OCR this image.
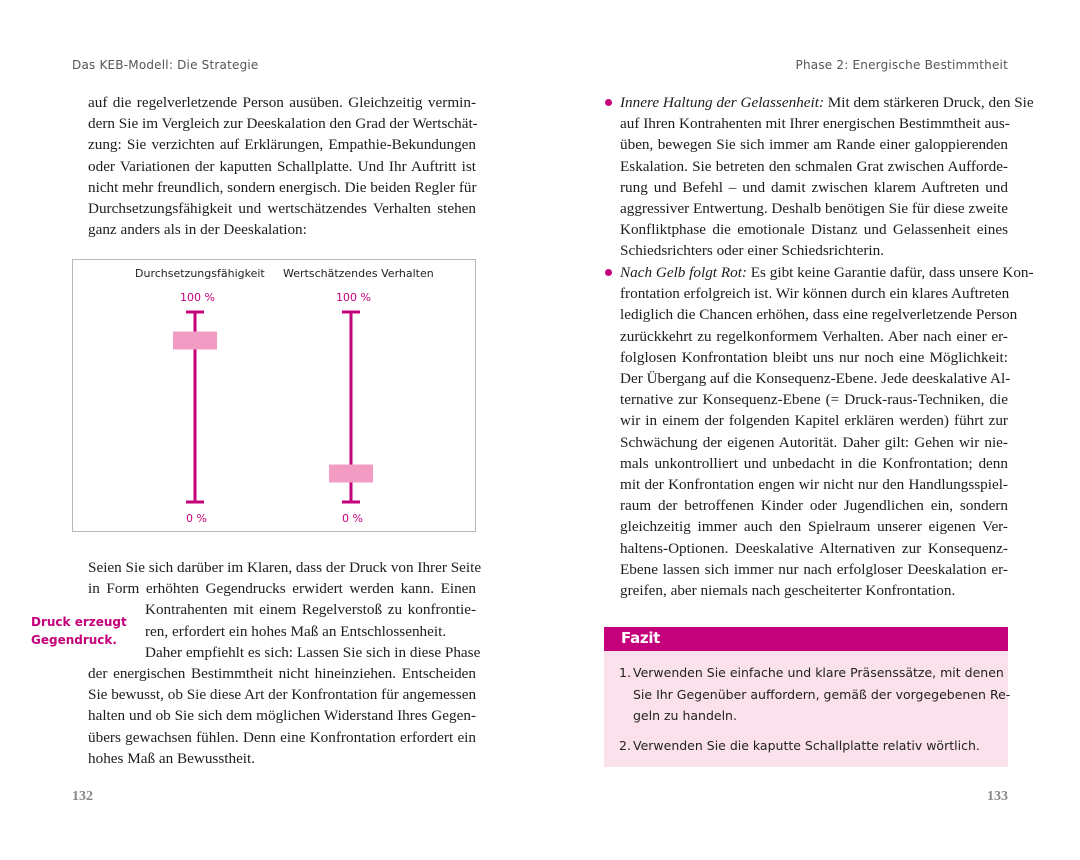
Das KEB-Modell: Die Strategie	Phase 2: Energische Bestimmtheit
auf die regelverletzende Person ausüben. Gleichzeitig vermin-
dern Sie im Vergleich zur Deeskalation den Grad der Wertschät-
zung: Sie verzichten auf Erklärungen, Empathie-Bekundungen
oder Variationen der kaputten Schallplatte. Und Ihr Auftritt ist
nicht mehr freundlich, sondern energisch. Die beiden Regler für
Durchsetzungsfähigkeit und wertschätzendes Verhalten stehen
ganz anders als in der Deeskalation:
Durchsetzungsfähigkeit Wertschätzendes Verhalten
100 %	100 %
0 %	0 %
Seien Sie sich darüber im Klaren, dass der Druck von Ihrer Seite
in Form erhöhten Gegendrucks erwidert werden kann. Einen
Kontrahenten mit einem Regelverstoß zu konfrontie-
ren, erfordert ein hohes Maß an Entschlossenheit.
Daher empfiehlt es sich: Lassen Sie sich in diese Phase
der energischen Bestimmtheit nicht hineinziehen. Entscheiden
Sie bewusst, ob Sie diese Art der Konfrontation für angemessen
halten und ob Sie sich dem möglichen Widerstand Ihres Gegen-
übers gewachsen fühlen. Denn eine Konfrontation erfordert ein
hohes Maß an Bewusstheit.
Druck erzeugt
Gegendruck.
Innere Haltung der Gelassenheit: Mit dem stärkeren Druck, den Sie
auf Ihren Kontrahenten mit Ihrer energischen Bestimmtheit aus-
üben, bewegen Sie sich immer am Rande einer galoppierenden
Eskalation. Sie betreten den schmalen Grat zwischen Aufforde-
rung und Befehl – und damit zwischen klarem Auftreten und
aggressiver Entwertung. Deshalb benötigen Sie für diese zweite
Konfliktphase die emotionale Distanz und Gelassenheit eines
Schiedsrichters oder einer Schiedsrichterin.
Nach Gelb folgt Rot: Es gibt keine Garantie dafür, dass unsere Kon-
frontation erfolgreich ist. Wir können durch ein klares Auftreten
lediglich die Chancen erhöhen, dass eine regelverletzende Person
zurückkehrt zu regelkonformem Verhalten. Aber nach einer er-
folglosen Konfrontation bleibt uns nur noch eine Möglichkeit:
Der Übergang auf die Konsequenz-Ebene. Jede deeskalative Al-
ternative zur Konsequenz-Ebene (= Druck-raus-Techniken, die
wir in einem der folgenden Kapitel erklären werden) führt zur
Schwächung der eigenen Autorität. Daher gilt: Gehen wir nie-
mals unkontrolliert und unbedacht in die Konfrontation; denn
mit der Konfrontation engen wir nicht nur den Handlungsspiel-
raum der betroffenen Kinder oder Jugendlichen ein, sondern
gleichzeitig immer auch den Spielraum unserer eigenen Ver-
haltens-Optionen. Deeskalative Alternativen zur Konsequenz-
Ebene lassen sich immer nur nach erfolgloser Deeskalation er-
greifen, aber niemals nach gescheiterter Konfrontation.
Fazit
1. Verwenden Sie einfache und klare Präsenssätze, mit denen
Sie Ihr Gegenüber auffordern, gemäß der vorgegebenen Re-
geln zu handeln.
2. Verwenden Sie die kaputte Schallplatte relativ wörtlich.
132	133
